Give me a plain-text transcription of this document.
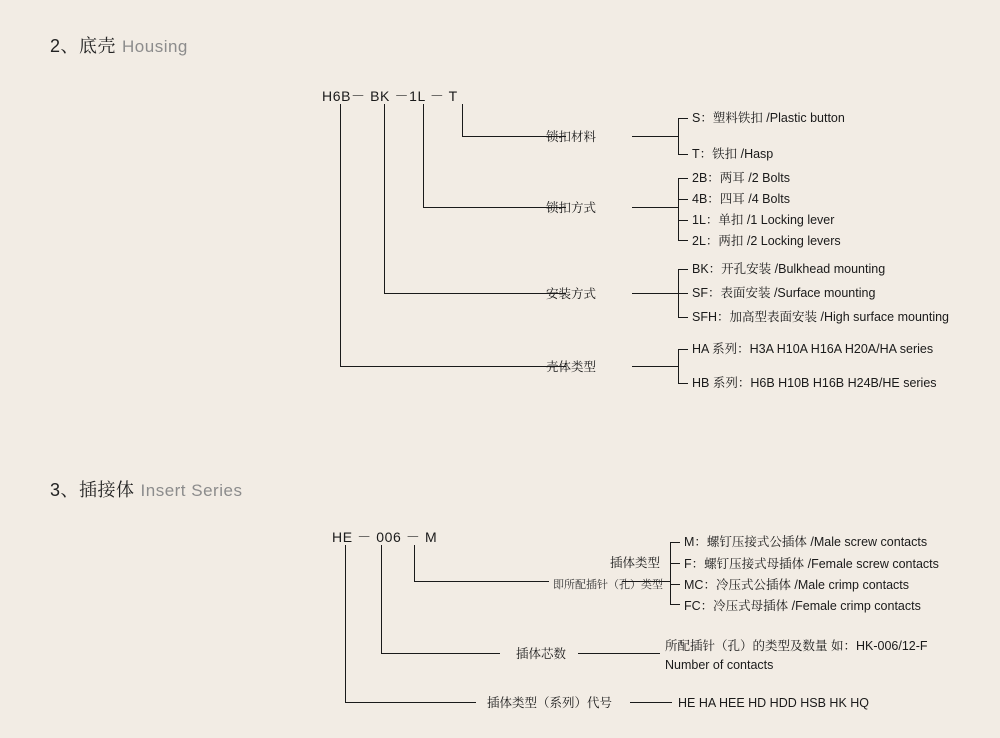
2、底壳 Housing
H6B－ BK －1L － T
锁扣材料
S：塑料铁扣 /Plastic button
T：铁扣 /Hasp
锁扣方式
2B：两耳 /2 Bolts
4B：四耳 /4 Bolts
1L：单扣 /1 Locking lever
2L：两扣 /2 Locking levers
安装方式
BK：开孔安装 /Bulkhead mounting
SF：表面安装 /Surface mounting
SFH：加高型表面安装 /High surface mounting
壳体类型
HA 系列：H3A H10A H16A H20A/HA series
HB 系列：H6B H10B H16B H24B/HE series
3、插接体 Insert Series
HE － 006 － M
插体类型
即所配插针（孔）类型
M：螺钉压接式公插体 /Male screw contacts
F：螺钉压接式母插体 /Female screw contacts
MC：冷压式公插体 /Male crimp contacts
FC：冷压式母插体 /Female crimp contacts
插体芯数
所配插针（孔）的类型及数量 如：HK-006/12-F
Number of contacts
插体类型（系列）代号	HE HA HEE HD HDD HSB HK HQ
